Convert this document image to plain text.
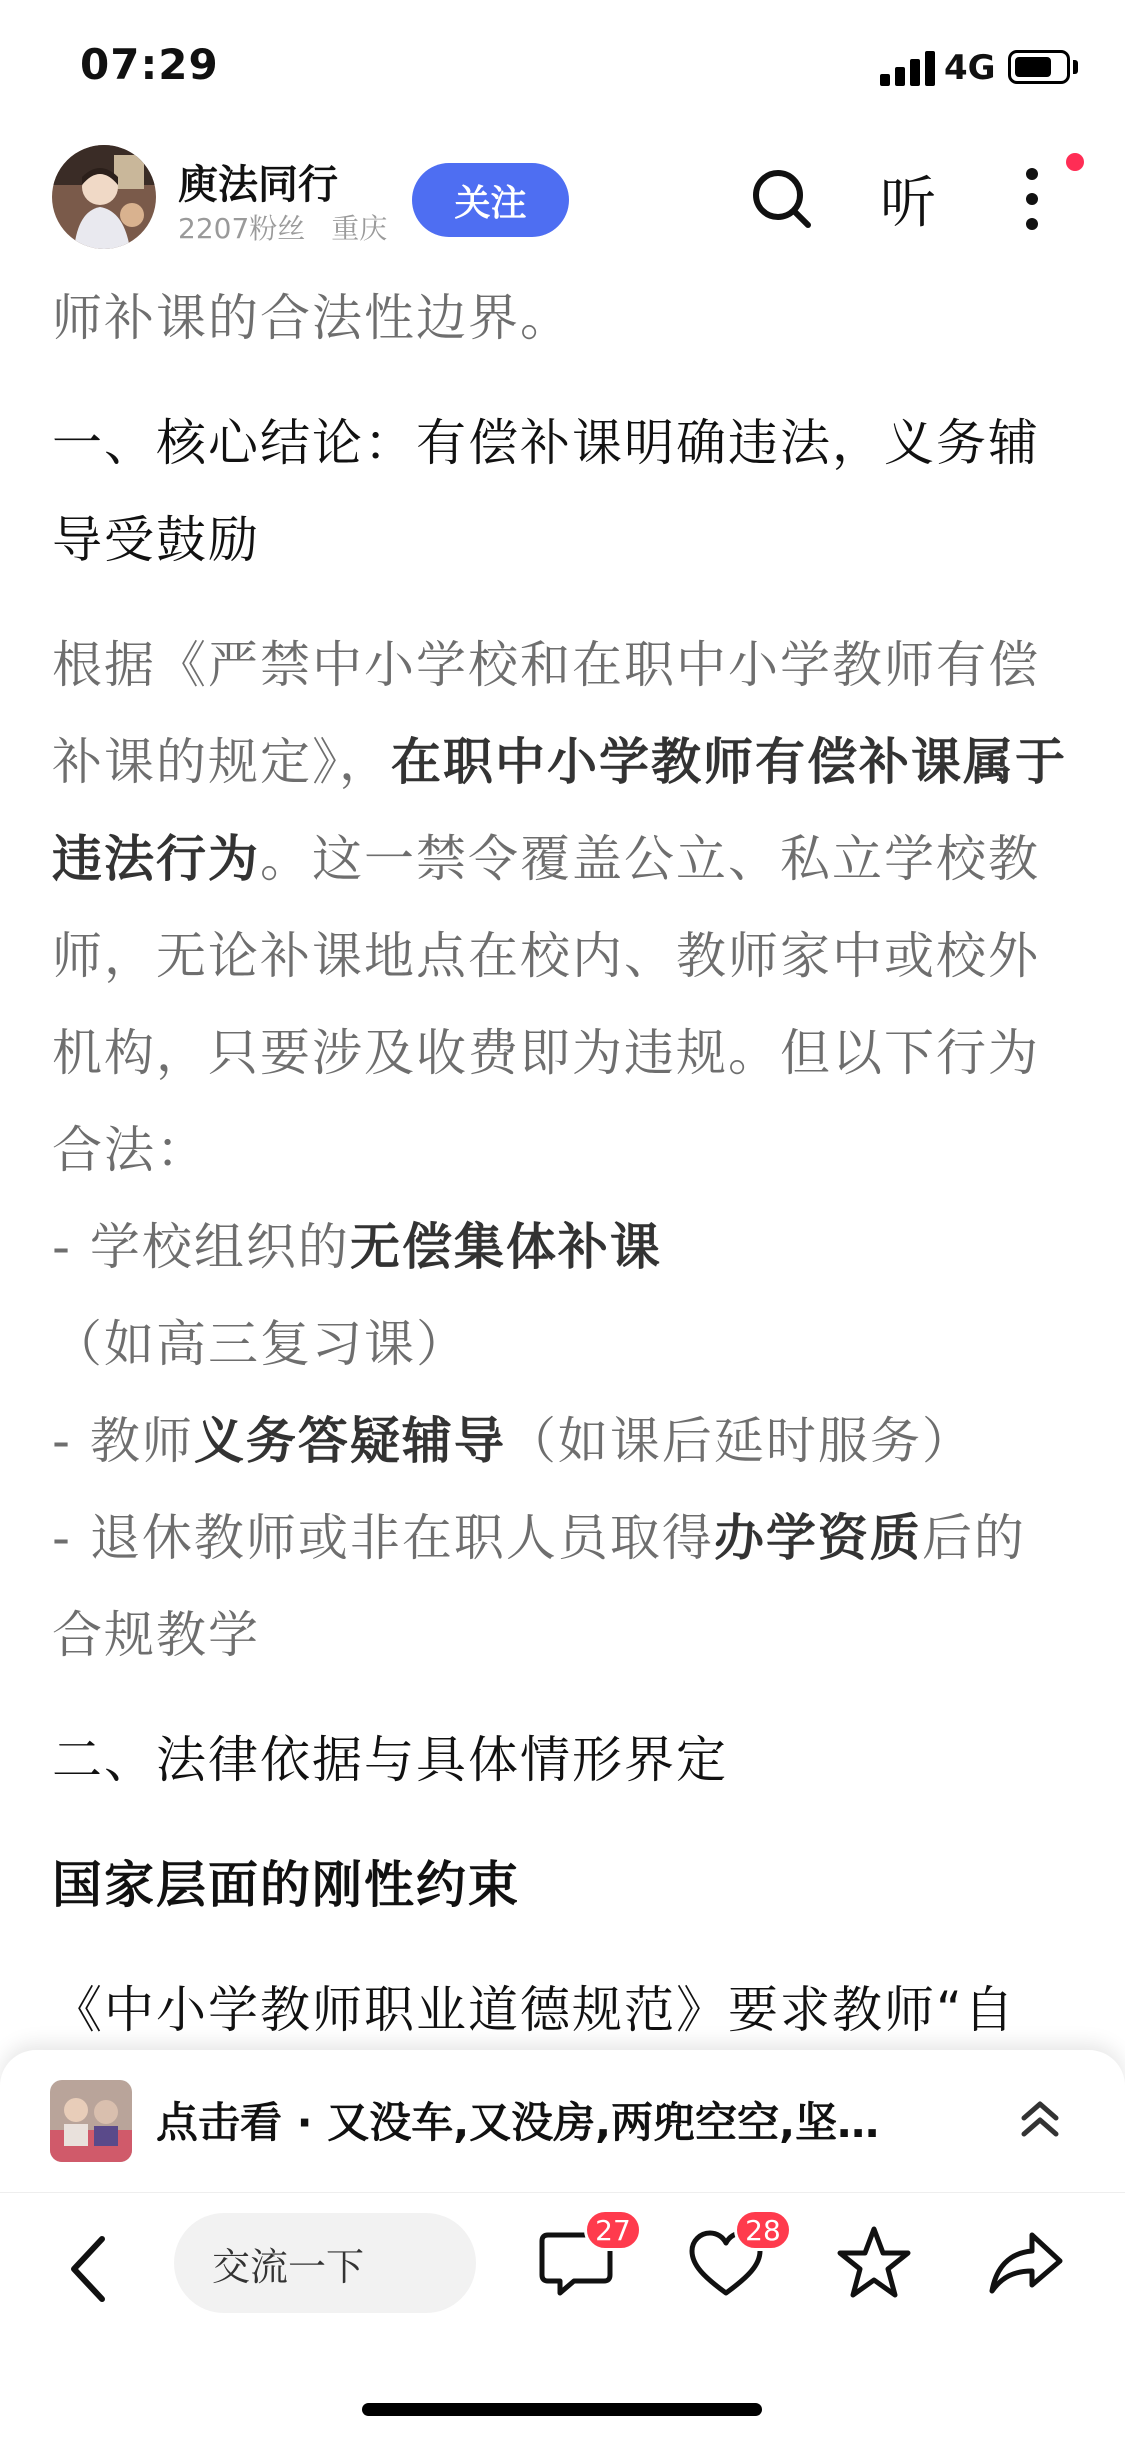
07:29	4G
庾法同行
2207粉丝 重庆
关注	听

师补课的合法性边界。

一、核心结论：有偿补课明确违法，义务辅导受鼓励

根据《严禁中小学校和在职中小学教师有偿补课的规定》，在职中小学教师有偿补课属于违法行为。这一禁令覆盖公立、私立学校教师，无论补课地点在校内、教师家中或校外机构，只要涉及收费即为违规。但以下行为合法：

- 学校组织的无偿集体补课（如高三复习课）

- 教师义务答疑辅导（如课后延时服务）

- 退休教师或非在职人员取得办学资质后的合规教学

二、法律依据与具体情形界定

国家层面的刚性约束

《中小学教师职业道德规范》要求教师“自

点击看 · 又没车,又没房,两兜空空,坚…
交流一下
27	28
